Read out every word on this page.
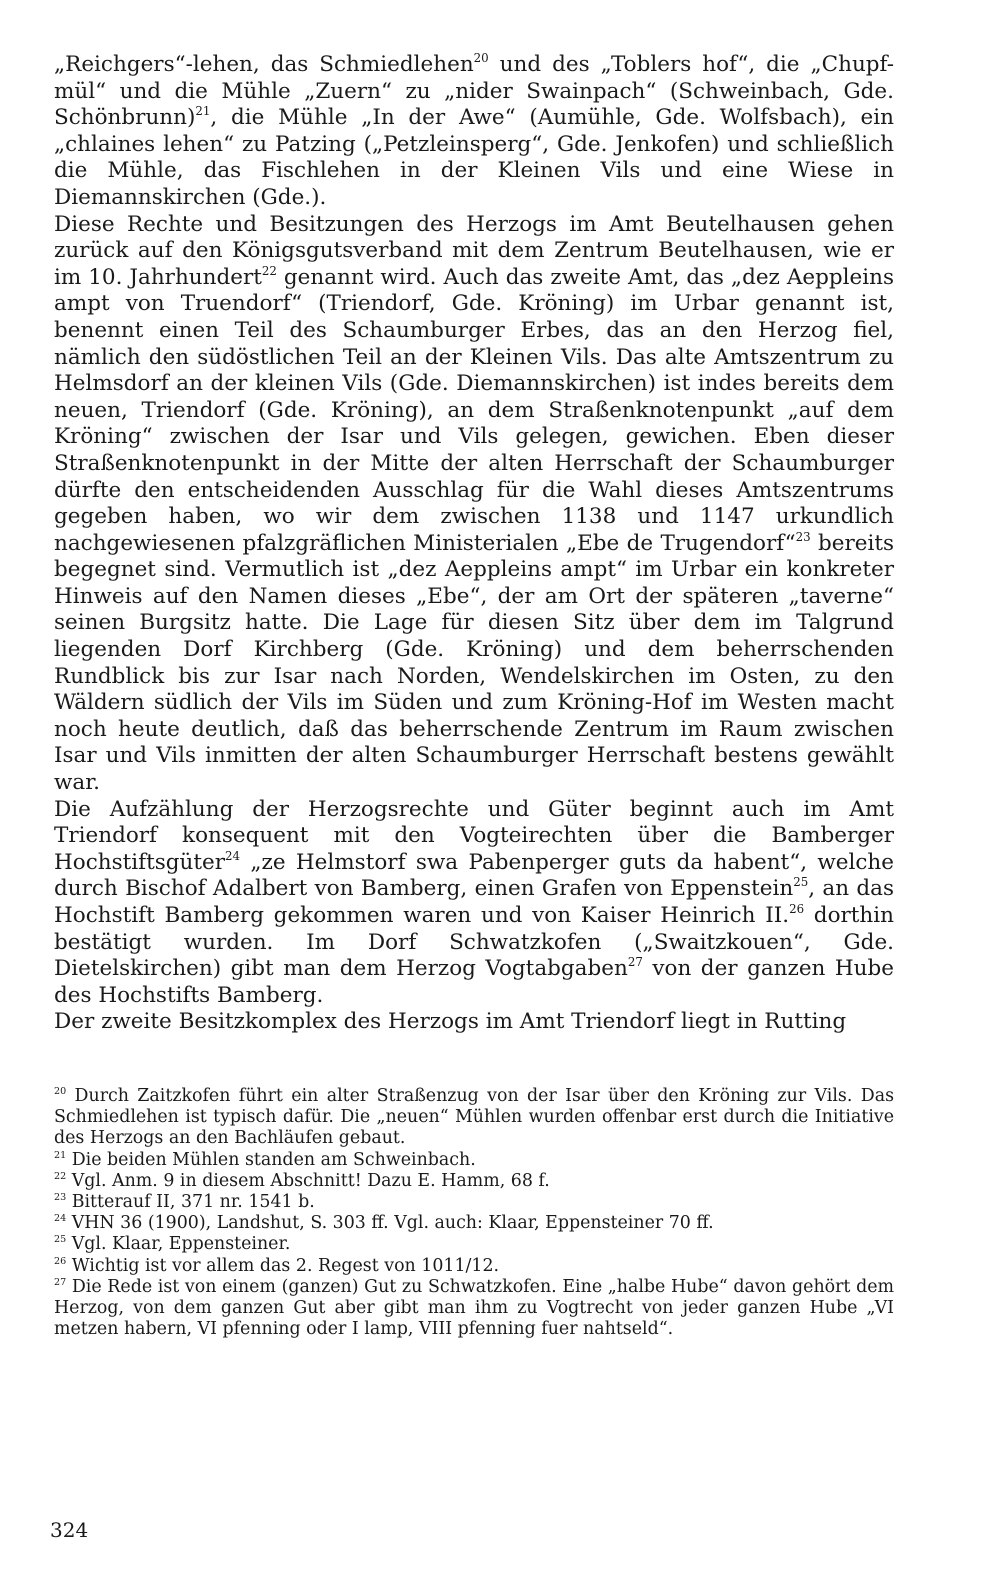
„Reichgers“-lehen, das Schmiedlehen$^{20}$ und des „Toblers hof“, die „Chupf-mül“ und die Mühle „Zuern“ zu „nider Swainpach“ (Schweinbach, Gde. Schönbrunn)$^{21}$, die Mühle „In der Awe“ (Aumühle, Gde. Wolfsbach), ein „chlaines lehen“ zu Patzing („Petzleinsperg“, Gde. Jenkofen) und schließlich die Mühle, das Fischlehen in der Kleinen Vils und eine Wiese in Diemannskirchen (Gde.).

Diese Rechte und Besitzungen des Herzogs im Amt Beutelhausen gehen zurück auf den Königsgutsverband mit dem Zentrum Beutelhausen, wie er im 10. Jahrhundert$^{22}$ genannt wird. Auch das zweite Amt, das „dez Aeppleins ampt von Truendorf“ (Triendorf, Gde. Kröning) im Urbar genannt ist, benennt einen Teil des Schaumburger Erbes, das an den Herzog fiel, nämlich den südöstlichen Teil an der Kleinen Vils. Das alte Amtszentrum zu Helmsdorf an der kleinen Vils (Gde. Diemannskirchen) ist indes bereits dem neuen, Triendorf (Gde. Kröning), an dem Straßenknotenpunkt „auf dem Kröning“ zwischen der Isar und Vils gelegen, gewichen. Eben dieser Straßenknotenpunkt in der Mitte der alten Herrschaft der Schaumburger dürfte den entscheidenden Ausschlag für die Wahl dieses Amtszentrums gegeben haben, wo wir dem zwischen 1138 und 1147 urkundlich nachgewiesenen pfalzgräflichen Ministerialen „Ebe de Trugendorf“$^{23}$ bereits begegnet sind. Vermutlich ist „dez Aeppleins ampt“ im Urbar ein konkreter Hinweis auf den Namen dieses „Ebe“, der am Ort der späteren „taverne“ seinen Burgsitz hatte. Die Lage für diesen Sitz über dem im Talgrund liegenden Dorf Kirchberg (Gde. Kröning) und dem beherrschenden Rundblick bis zur Isar nach Norden, Wendelskirchen im Osten, zu den Wäldern südlich der Vils im Süden und zum Kröning-Hof im Westen macht noch heute deutlich, daß das beherrschende Zentrum im Raum zwischen Isar und Vils inmitten der alten Schaumburger Herrschaft bestens gewählt war.

Die Aufzählung der Herzogsrechte und Güter beginnt auch im Amt Triendorf konsequent mit den Vogteirechten über die Bamberger Hochstiftsgüter$^{24}$ „ze Helmstorf swa Pabenperger guts da habent“, welche durch Bischof Adalbert von Bamberg, einen Grafen von Eppenstein$^{25}$, an das Hochstift Bamberg gekommen waren und von Kaiser Heinrich II.$^{26}$ dorthin bestätigt wurden. Im Dorf Schwatzkofen („Swaitzkouen“, Gde. Dietelskirchen) gibt man dem Herzog Vogtabgaben$^{27}$ von der ganzen Hube des Hochstifts Bamberg.

Der zweite Besitzkomplex des Herzogs im Amt Triendorf liegt in Rutting

$^{20}$ Durch Zaitzkofen führt ein alter Straßenzug von der Isar über den Kröning zur Vils. Das Schmiedlehen ist typisch dafür. Die „neuen“ Mühlen wurden offenbar erst durch die Initiative des Herzogs an den Bachläufen gebaut.

$^{21}$ Die beiden Mühlen standen am Schweinbach.

$^{22}$ Vgl. Anm. 9 in diesem Abschnitt! Dazu E. Hamm, 68 f.

$^{23}$ Bitterauf II, 371 nr. 1541 b.

$^{24}$ VHN 36 (1900), Landshut, S. 303 ff. Vgl. auch: Klaar, Eppensteiner 70 ff.

$^{25}$ Vgl. Klaar, Eppensteiner.

$^{26}$ Wichtig ist vor allem das 2. Regest von 1011/12.

$^{27}$ Die Rede ist von einem (ganzen) Gut zu Schwatzkofen. Eine „halbe Hube“ davon gehört dem Herzog, von dem ganzen Gut aber gibt man ihm zu Vogtrecht von jeder ganzen Hube „VI metzen habern, VI pfenning oder I lamp, VIII pfenning fuer nahtseld“.

324
